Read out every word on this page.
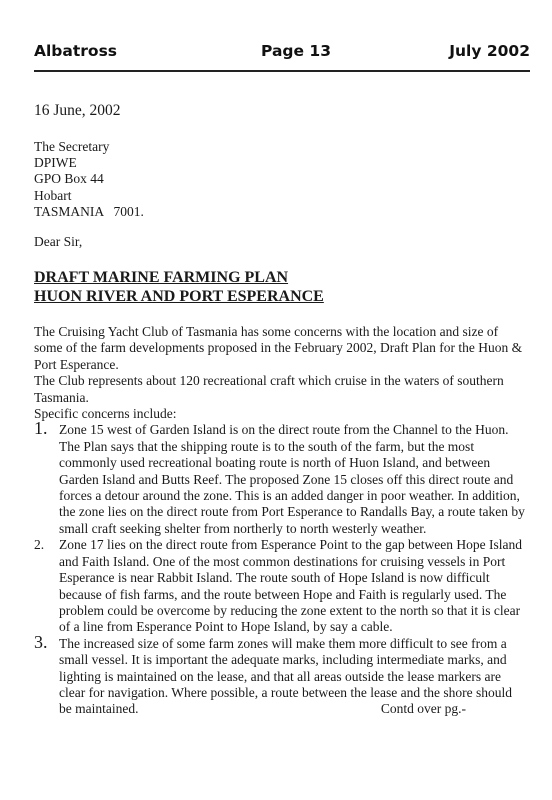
Albatross	Page 13	July 2002
16 June, 2002
The Secretary
DPIWE
GPO Box 44
Hobart
TASMANIA   7001.
Dear Sir,
DRAFT MARINE FARMING PLAN
HUON RIVER AND PORT ESPERANCE

The Cruising Yacht Club of Tasmania has some concerns with the location and size of some of the farm developments proposed in the February 2002, Draft Plan for the Huon & Port Esperance.

The Club represents about 120 recreational craft which cruise in the waters of southern Tasmania.

Specific concerns include:

1. Zone 15 west of Garden Island is on the direct route from the Channel to the Huon. The Plan says that the shipping route is to the south of the farm, but the most commonly used recreational boating route is north of Huon Island, and between Garden Island and Butts Reef. The proposed Zone 15 closes off this direct route and forces a detour around the zone. This is an added danger in poor weather. In addition, the zone lies on the direct route from Port Esperance to Randalls Bay, a route taken by small craft seeking shelter from northerly to north westerly weather.
2. Zone 17 lies on the direct route from Esperance Point to the gap between Hope Island and Faith Island. One of the most common destinations for cruising vessels in Port Esperance is near Rabbit Island. The route south of Hope Island is now difficult because of fish farms, and the route between Hope and Faith is regularly used. The problem could be overcome by reducing the zone extent to the north so that it is clear of a line from Esperance Point to Hope Island, by say a cable.
3. The increased size of some farm zones will make them more difficult to see from a small vessel. It is important the adequate marks, including intermediate marks, and lighting is maintained on the lease, and that all areas outside the lease markers are clear for navigation. Where possible, a route between the lease and the shore should be maintained.	Contd over pg.-
